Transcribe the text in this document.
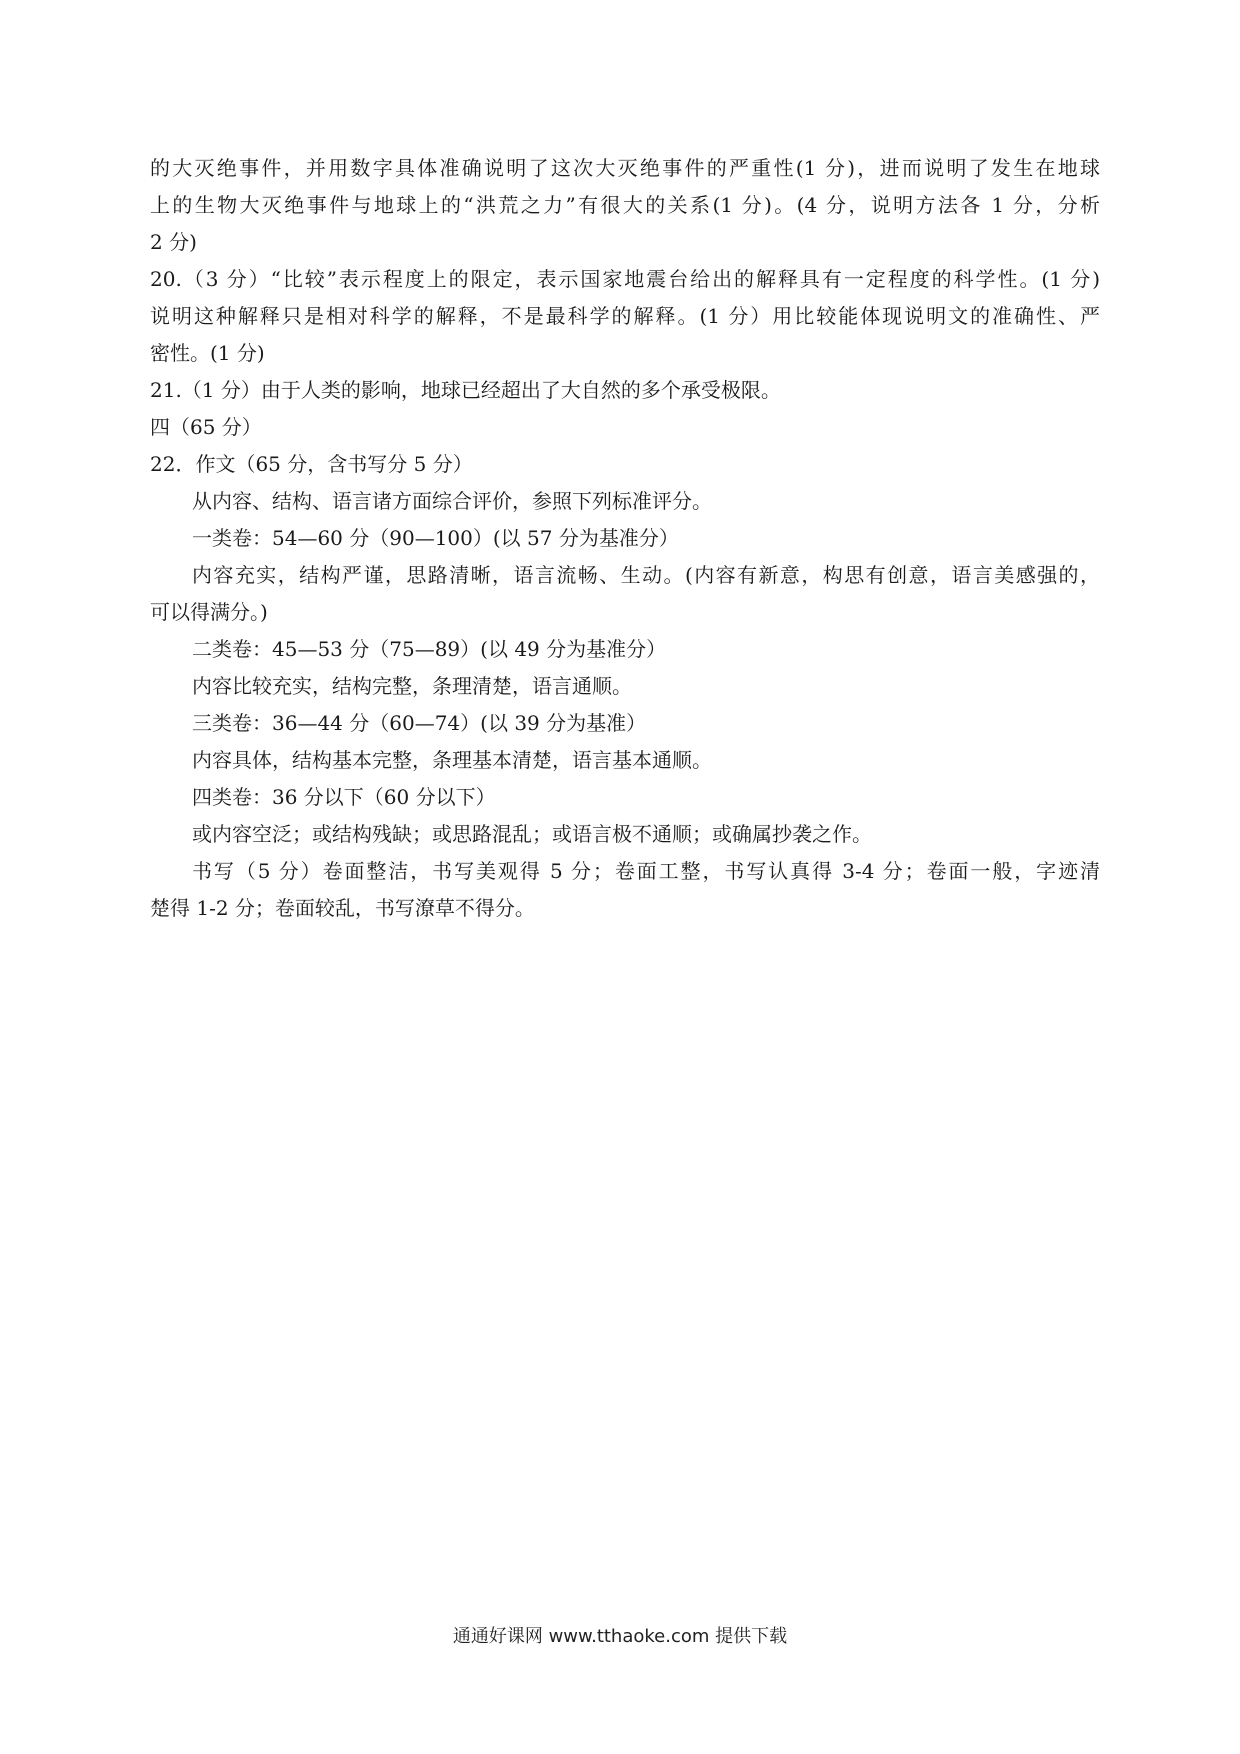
的大灭绝事件，并用数字具体准确说明了这次大灭绝事件的严重性(1 分)，进而说明了发生在地球

上的生物大灭绝事件与地球上的“洪荒之力”有很大的关系(1 分)。(4 分，说明方法各 1 分，分析

2 分)

20.（3 分）“比较”表示程度上的限定，表示国家地震台给出的解释具有一定程度的科学性。(1 分)

说明这种解释只是相对科学的解释，不是最科学的解释。(1 分）用比较能体现说明文的准确性、严

密性。(1 分)

21.（1 分）由于人类的影响，地球已经超出了大自然的多个承受极限。

四（65 分）

22．作文（65 分，含书写分 5 分）

从内容、结构、语言诸方面综合评价，参照下列标准评分。

一类卷：54—60 分（90—100）(以 57 分为基准分）

内容充实，结构严谨，思路清晰，语言流畅、生动。(内容有新意，构思有创意，语言美感强的，

可以得满分。)

二类卷：45—53 分（75—89）(以 49 分为基准分）

内容比较充实，结构完整，条理清楚，语言通顺。

三类卷：36—44 分（60—74）(以 39 分为基准）

内容具体，结构基本完整，条理基本清楚，语言基本通顺。

四类卷：36 分以下（60 分以下）

或内容空泛；或结构残缺；或思路混乱；或语言极不通顺；或确属抄袭之作。

书写（5 分）卷面整洁，书写美观得 5 分；卷面工整，书写认真得 3-4 分；卷面一般，字迹清

楚得 1-2 分；卷面较乱，书写潦草不得分。

通通好课网 www.tthaoke.com 提供下载
